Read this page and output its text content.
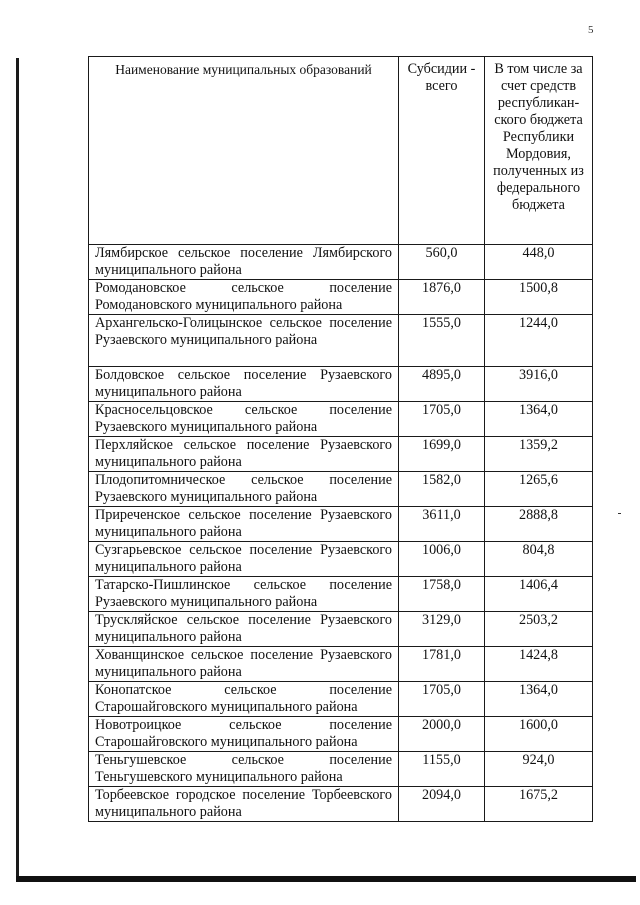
5
Наименование муниципальных образований	Субсидии - всего	В том числе за счет средств республикан-ского бюджета Республики Мордовия, полученных из федерального бюджета
Лямбирское сельское поселение Лямбирского муниципального района	560,0	448,0
Ромодановское сельское поселение Ромодановского муниципального района	1876,0	1500,8
Архангельско-Голицынское сельское поселение Рузаевского муниципального района	1555,0	1244,0
Болдовское сельское поселение Рузаевского муниципального района	4895,0	3916,0
Красносельцовское сельское поселение Рузаевского муниципального района	1705,0	1364,0
Перхляйское сельское поселение Рузаевского муниципального района	1699,0	1359,2
Плодопитомническое сельское поселение Рузаевского муниципального района	1582,0	1265,6
Приреченское сельское поселение Рузаевского муниципального района	3611,0	2888,8
Сузгарьевское сельское поселение Рузаевского муниципального района	1006,0	804,8
Татарско-Пишлинское сельское поселение Рузаевского муниципального района	1758,0	1406,4
Трускляйское сельское поселение Рузаевского муниципального района	3129,0	2503,2
Хованщинское сельское поселение Рузаевского муниципального района	1781,0	1424,8
Конопатское сельское поселение Старошайговского муниципального района	1705,0	1364,0
Новотроицкое сельское поселение Старошайговского муниципального района	2000,0	1600,0
Теньгушевское сельское поселение Теньгушевского муниципального района	1155,0	924,0
Торбеевское городское поселение Торбеевского муниципального района	2094,0	1675,2
